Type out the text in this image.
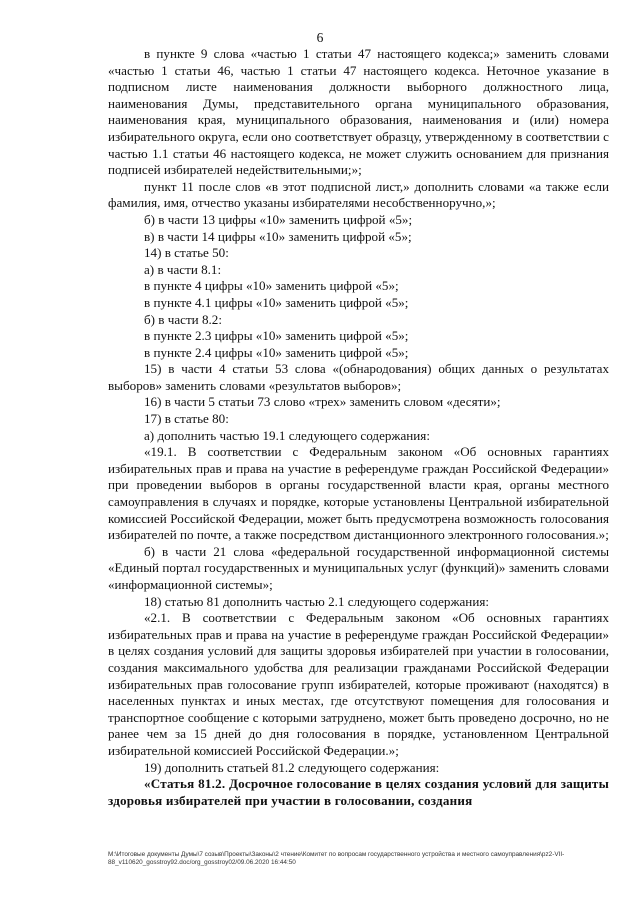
6

в пункте 9 слова «частью 1 статьи 47 настоящего кодекса;» заменить словами «частью 1 статьи 46, частью 1 статьи 47 настоящего кодекса. Неточное указание в подписном листе наименования должности выборного должностного лица, наименования Думы, представительного органа муниципального образования, наименования края, муниципального образования, наименования и (или) номера избирательного округа, если оно соответствует образцу, утвержденному в соответствии с частью 1.1 статьи 46 настоящего кодекса, не может служить основанием для признания подписей избирателей недействительными;»;

пункт 11 после слов «в этот подписной лист,» дополнить словами «а также если фамилия, имя, отчество указаны избирателями несобственноручно,»;

б) в части 13 цифры «10» заменить цифрой «5»;

в) в части 14 цифры «10» заменить цифрой «5»;

14) в статье 50:

а) в части 8.1:

в пункте 4 цифры «10» заменить цифрой «5»;

в пункте 4.1 цифры «10» заменить цифрой «5»;

б) в части 8.2:

в пункте 2.3 цифры «10» заменить цифрой «5»;

в пункте 2.4 цифры «10» заменить цифрой «5»;

15) в части 4 статьи 53 слова «(обнародования) общих данных о результатах выборов» заменить словами «результатов выборов»;

16) в части 5 статьи 73 слово «трех» заменить словом «десяти»;

17) в статье 80:

а) дополнить частью 19.1 следующего содержания:

«19.1. В соответствии с Федеральным законом «Об основных гарантиях избирательных прав и права на участие в референдуме граждан Российской Федерации» при проведении выборов в органы государственной власти края, органы местного самоуправления в случаях и порядке, которые установлены Центральной избирательной комиссией Российской Федерации, может быть предусмотрена возможность голосования избирателей по почте, а также посредством дистанционного электронного голосования.»;

б) в части 21 слова «федеральной государственной информационной системы «Единый портал государственных и муниципальных услуг (функций)» заменить словами «информационной системы»;

18) статью 81 дополнить частью 2.1 следующего содержания:

«2.1. В соответствии с Федеральным законом «Об основных гарантиях избирательных прав и права на участие в референдуме граждан Российской Федерации» в целях создания условий для защиты здоровья избирателей при участии в голосовании, создания максимального удобства для реализации гражданами Российской Федерации избирательных прав голосование групп избирателей, которые проживают (находятся) в населенных пунктах и иных местах, где отсутствуют помещения для голосования и транспортное сообщение с которыми затруднено, может быть проведено досрочно, но не ранее чем за 15 дней до дня голосования в порядке, установленном Центральной избирательной комиссией Российской Федерации.»;

19) дополнить статьей 81.2 следующего содержания:

«Статья 81.2. Досрочное голосование в целях создания условий для защиты здоровья избирателей при участии в голосовании, создания

M:\Итоговые документы Думы\7 созыв\Проекты\Законы\2 чтение\Комитет по вопросам государственного устройства и местного самоуправления\pz2-VII-88_v110620_gosstroy92.doc/org_gosstroy02/09.06.2020 16:44:50
